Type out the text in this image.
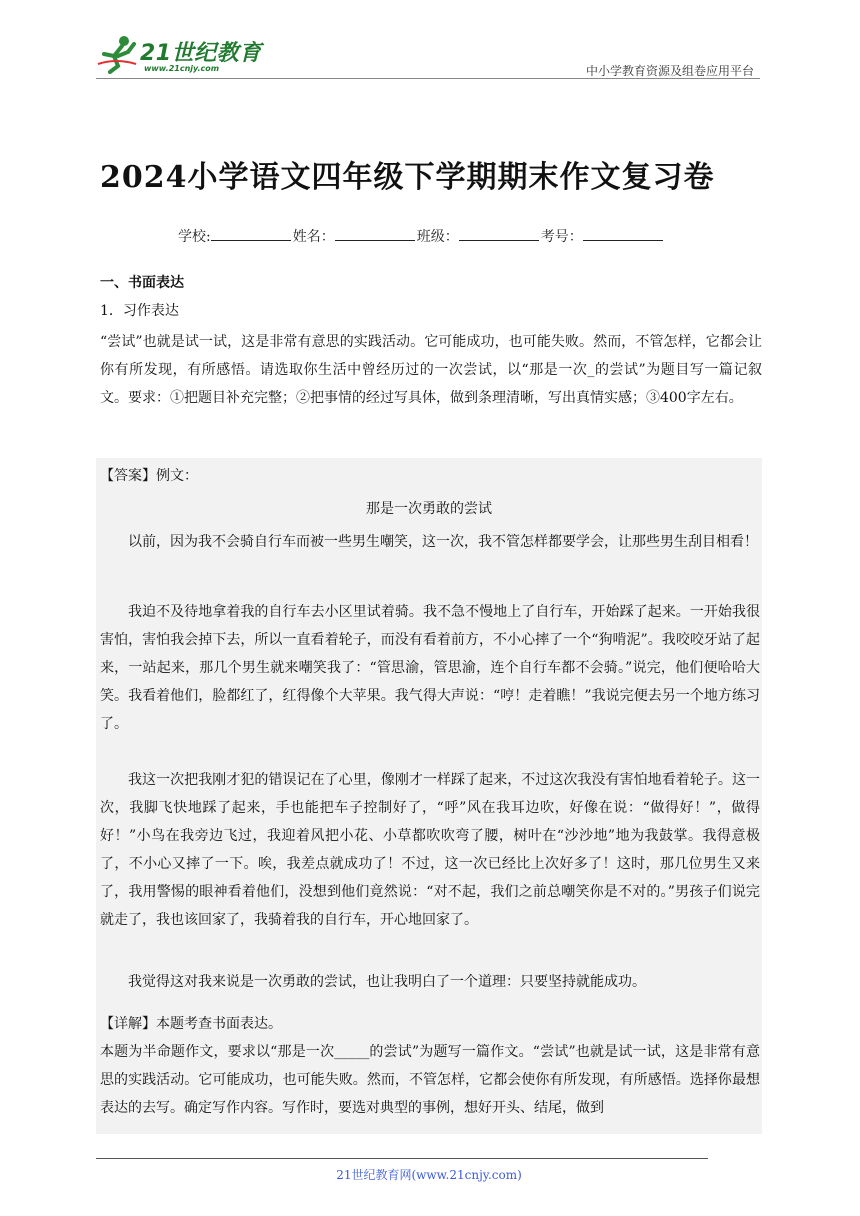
21世纪教育
www.21cnjy.com	中小学教育资源及组卷应用平台
2024小学语文四年级下学期期末作文复习卷
学校:	姓名：	班级：	考号：
一、书面表达
1．习作表达
“尝试”也就是试一试，这是非常有意思的实践活动。它可能成功，也可能失败。然而，不管怎样，它都会让你有所发现，有所感悟。请选取你生活中曾经历过的一次尝试，以“那是一次_的尝试”为题目写一篇记叙文。要求：①把题目补充完整；②把事情的经过写具体，做到条理清晰，写出真情实感；③400字左右。
【答案】例文：
那是一次勇敢的尝试
以前，因为我不会骑自行车而被一些男生嘲笑，这一次，我不管怎样都要学会，让那些男生刮目相看！
我迫不及待地拿着我的自行车去小区里试着骑。我不急不慢地上了自行车，开始踩了起来。一开始我很害怕，害怕我会掉下去，所以一直看着轮子，而没有看着前方，不小心摔了一个“狗啃泥”。我咬咬牙站了起来，一站起来，那几个男生就来嘲笑我了：“管思渝，管思渝，连个自行车都不会骑。”说完，他们便哈哈大笑。我看着他们，脸都红了，红得像个大苹果。我气得大声说：“哼！走着瞧！”我说完便去另一个地方练习了。
我这一次把我刚才犯的错误记在了心里，像刚才一样踩了起来，不过这次我没有害怕地看着轮子。这一次，我脚飞快地踩了起来，手也能把车子控制好了，“呼”风在我耳边吹，好像在说：“做得好！”，做得好！”小鸟在我旁边飞过，我迎着风把小花、小草都吹吹弯了腰，树叶在“沙沙地”地为我鼓掌。我得意极了，不小心又摔了一下。唉，我差点就成功了！不过，这一次已经比上次好多了！这时，那几位男生又来了，我用警惕的眼神看着他们，没想到他们竟然说：“对不起，我们之前总嘲笑你是不对的。”男孩子们说完就走了，我也该回家了，我骑着我的自行车，开心地回家了。
我觉得这对我来说是一次勇敢的尝试，也让我明白了一个道理：只要坚持就能成功。
【详解】本题考查书面表达。
本题为半命题作文，要求以“那是一次_____的尝试”为题写一篇作文。“尝试”也就是试一试，这是非常有意思的实践活动。它可能成功，也可能失败。然而，不管怎样，它都会使你有所发现，有所感悟。选择你最想表达的去写。确定写作内容。写作时，要选对典型的事例，想好开头、结尾，做到
21世纪教育网(www.21cnjy.com)
